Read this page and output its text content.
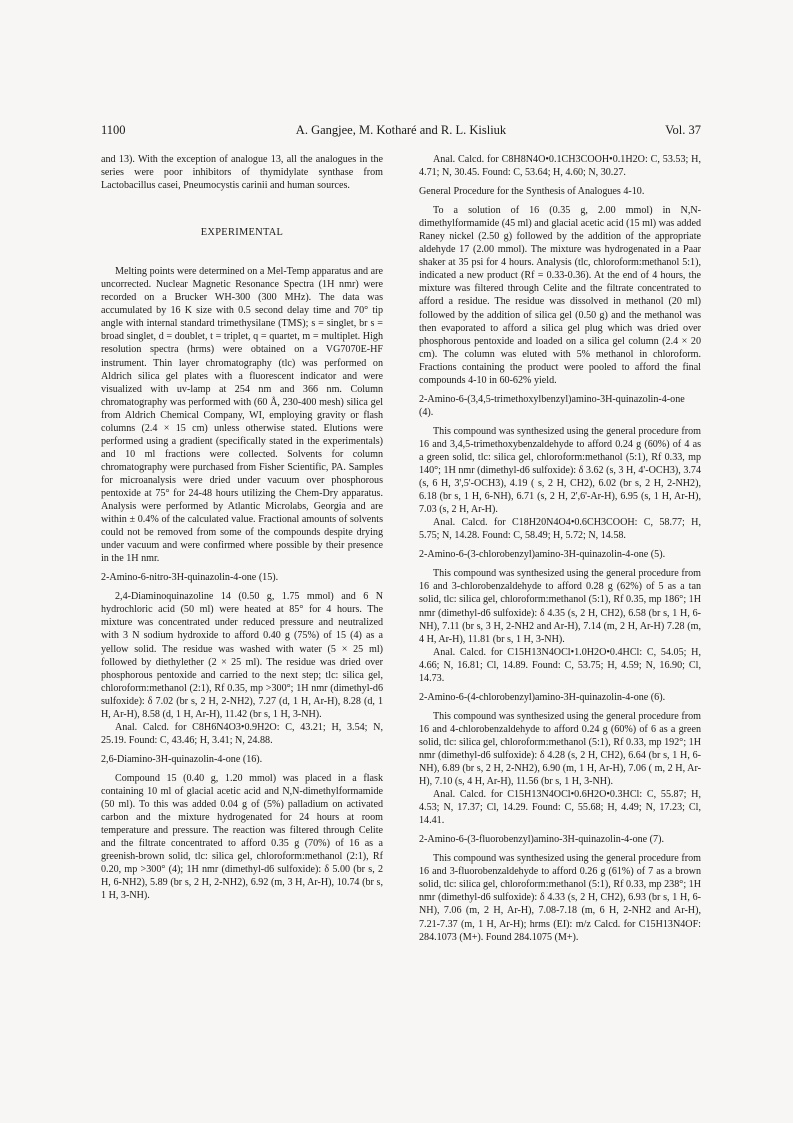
1100	A. Gangjee, M. Kotharé and R. L. Kisliuk	Vol. 37

and 13). With the exception of analogue 13, all the analogues in the series were poor inhibitors of thymidylate synthase from Lactobacillus casei, Pneumocystis carinii and human sources.

EXPERIMENTAL

Melting points were determined on a Mel-Temp apparatus and are uncorrected. Nuclear Magnetic Resonance Spectra (1H nmr) were recorded on a Brucker WH-300 (300 MHz). The data was accumulated by 16 K size with 0.5 second delay time and 70° tip angle with internal standard trimethysilane (TMS); s = singlet, br s = broad singlet, d = doublet, t = triplet, q = quartet, m = multiplet. High resolution spectra (hrms) were obtained on a VG7070E-HF instrument. Thin layer chromatography (tlc) was performed on Aldrich silica gel plates with a fluorescent indicator and were visualized with uv-lamp at 254 nm and 366 nm. Column chromatography was performed with (60 Å, 230-400 mesh) silica gel from Aldrich Chemical Company, WI, employing gravity or flash columns (2.4 × 15 cm) unless otherwise stated. Elutions were performed using a gradient (specifically stated in the experimentals) and 10 ml fractions were collected. Solvents for column chromatography were purchased from Fisher Scientific, PA. Samples for microanalysis were dried under vacuum over phosphorous pentoxide at 75° for 24-48 hours utilizing the Chem-Dry apparatus. Analysis were performed by Atlantic Microlabs, Georgia and are within ± 0.4% of the calculated value. Fractional amounts of solvents could not be removed from some of the compounds despite drying under vacuum and were confirmed where possible by their presence in the 1H nmr.

2-Amino-6-nitro-3H-quinazolin-4-one (15).

2,4-Diaminoquinazoline 14 (0.50 g, 1.75 mmol) and 6 N hydrochloric acid (50 ml) were heated at 85° for 4 hours. The mixture was concentrated under reduced pressure and neutralized with 3 N sodium hydroxide to afford 0.40 g (75%) of 15 (4) as a yellow solid. The residue was washed with water (5 × 25 ml) followed by diethylether (2 × 25 ml). The residue was dried over phosphorous pentoxide and carried to the next step; tlc: silica gel, chloroform:methanol (2:1), Rf 0.35, mp >300°; 1H nmr (dimethyl-d6 sulfoxide): δ 7.02 (br s, 2 H, 2-NH2), 7.27 (d, 1 H, Ar-H), 8.28 (d, 1 H, Ar-H), 8.58 (d, 1 H, Ar-H), 11.42 (br s, 1 H, 3-NH).

Anal. Calcd. for C8H6N4O3•0.9H2O: C, 43.21; H, 3.54; N, 25.19. Found: C, 43.46; H, 3.41; N, 24.88.

2,6-Diamino-3H-quinazolin-4-one (16).

Compound 15 (0.40 g, 1.20 mmol) was placed in a flask containing 10 ml of glacial acetic acid and N,N-dimethylformamide (50 ml). To this was added 0.04 g of (5%) palladium on activated carbon and the mixture hydrogenated for 24 hours at room temperature and pressure. The reaction was filtered through Celite and the filtrate concentrated to afford 0.35 g (70%) of 16 as a greenish-brown solid, tlc: silica gel, chloroform:methanol (2:1), Rf 0.20, mp >300° (4); 1H nmr (dimethyl-d6 sulfoxide): δ 5.00 (br s, 2 H, 6-NH2), 5.89 (br s, 2 H, 2-NH2), 6.92 (m, 3 H, Ar-H), 10.74 (br s, 1 H, 3-NH).

Anal. Calcd. for C8H8N4O•0.1CH3COOH•0.1H2O: C, 53.53; H, 4.71; N, 30.45. Found: C, 53.64; H, 4.60; N, 30.27.

General Procedure for the Synthesis of Analogues 4-10.

To a solution of 16 (0.35 g, 2.00 mmol) in N,N-dimethylformamide (45 ml) and glacial acetic acid (15 ml) was added Raney nickel (2.50 g) followed by the addition of the appropriate aldehyde 17 (2.00 mmol). The mixture was hydrogenated in a Paar shaker at 35 psi for 4 hours. Analysis (tlc, chloroform:methanol 5:1), indicated a new product (Rf = 0.33-0.36). At the end of 4 hours, the mixture was filtered through Celite and the filtrate concentrated to afford a residue. The residue was dissolved in methanol (20 ml) followed by the addition of silica gel (0.50 g) and the methanol was then evaporated to afford a silica gel plug which was dried over phosphorous pentoxide and loaded on a silica gel column (2.4 × 20 cm). The column was eluted with 5% methanol in chloroform. Fractions containing the product were pooled to afford the final compounds 4-10 in 60-62% yield.

2-Amino-6-(3,4,5-trimethoxylbenzyl)amino-3H-quinazolin-4-one (4).

This compound was synthesized using the general procedure from 16 and 3,4,5-trimethoxybenzaldehyde to afford 0.24 g (60%) of 4 as a green solid, tlc: silica gel, chloroform:methanol (5:1), Rf 0.33, mp 140°; 1H nmr (dimethyl-d6 sulfoxide): δ 3.62 (s, 3 H, 4'-OCH3), 3.74 (s, 6 H, 3',5'-OCH3), 4.19 ( s, 2 H, CH2), 6.02 (br s, 2 H, 2-NH2), 6.18 (br s, 1 H, 6-NH), 6.71 (s, 2 H, 2',6'-Ar-H), 6.95 (s, 1 H, Ar-H), 7.03 (s, 2 H, Ar-H).

Anal. Calcd. for C18H20N4O4•0.6CH3COOH: C, 58.77; H, 5.75; N, 14.28. Found: C, 58.49; H, 5.72; N, 14.58.

2-Amino-6-(3-chlorobenzyl)amino-3H-quinazolin-4-one (5).

This compound was synthesized using the general procedure from 16 and 3-chlorobenzaldehyde to afford 0.28 g (62%) of 5 as a tan solid, tlc: silica gel, chloroform:methanol (5:1), Rf 0.35, mp 186°; 1H nmr (dimethyl-d6 sulfoxide): δ 4.35 (s, 2 H, CH2), 6.58 (br s, 1 H, 6-NH), 7.11 (br s, 3 H, 2-NH2 and Ar-H), 7.14 (m, 2 H, Ar-H) 7.28 (m, 4 H, Ar-H), 11.81 (br s, 1 H, 3-NH).

Anal. Calcd. for C15H13N4OCl•1.0H2O•0.4HCl: C, 54.05; H, 4.66; N, 16.81; Cl, 14.89. Found: C, 53.75; H, 4.59; N, 16.90; Cl, 14.73.

2-Amino-6-(4-chlorobenzyl)amino-3H-quinazolin-4-one (6).

This compound was synthesized using the general procedure from 16 and 4-chlorobenzaldehyde to afford 0.24 g (60%) of 6 as a green solid, tlc: silica gel, chloroform:methanol (5:1), Rf 0.33, mp 192°; 1H nmr (dimethyl-d6 sulfoxide): δ 4.28 (s, 2 H, CH2), 6.64 (br s, 1 H, 6-NH), 6.89 (br s, 2 H, 2-NH2), 6.90 (m, 1 H, Ar-H), 7.06 ( m, 2 H, Ar-H), 7.10 (s, 4 H, Ar-H), 11.56 (br s, 1 H, 3-NH).

Anal. Calcd. for C15H13N4OCl•0.6H2O•0.3HCl: C, 55.87; H, 4.53; N, 17.37; Cl, 14.29. Found: C, 55.68; H, 4.49; N, 17.23; Cl, 14.41.

2-Amino-6-(3-fluorobenzyl)amino-3H-quinazolin-4-one (7).

This compound was synthesized using the general procedure from 16 and 3-fluorobenzaldehyde to afford 0.26 g (61%) of 7 as a brown solid, tlc: silica gel, chloroform:methanol (5:1), Rf 0.33, mp 238°; 1H nmr (dimethyl-d6 sulfoxide): δ 4.33 (s, 2 H, CH2), 6.93 (br s, 1 H, 6-NH), 7.06 (m, 2 H, Ar-H), 7.08-7.18 (m, 6 H, 2-NH2 and Ar-H), 7.21-7.37 (m, 1 H, Ar-H); hrms (EI): m/z Calcd. for C15H13N4OF: 284.1073 (M+). Found 284.1075 (M+).
